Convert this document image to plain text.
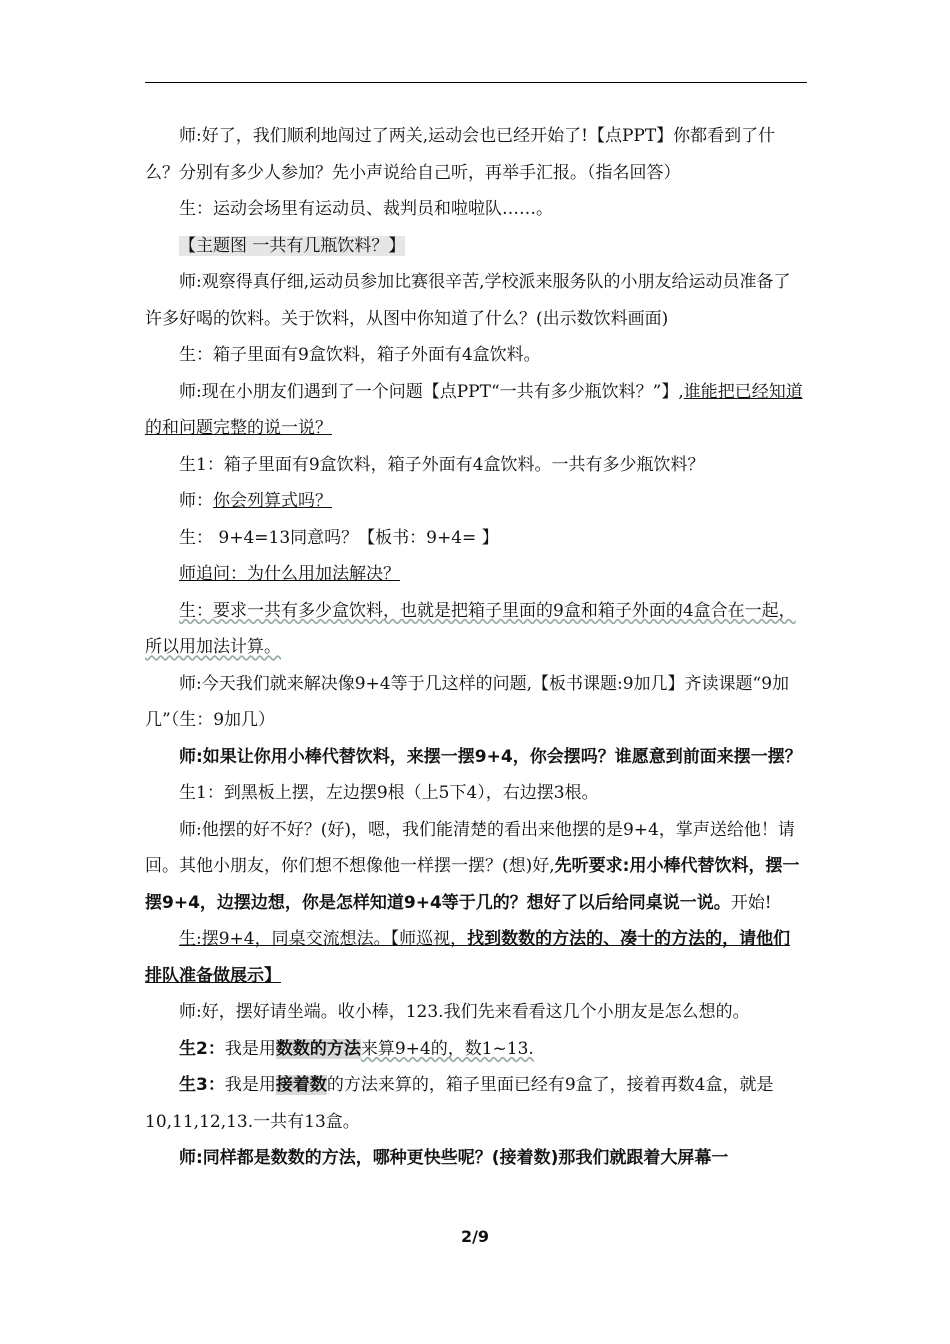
师:好了，我们顺利地闯过了两关,运动会也已经开始了!【点PPT】你都看到了什么？分别有多少人参加？先小声说给自己听，再举手汇报。（指名回答）

生：运动会场里有运动员、裁判员和啦啦队……。

【主题图 一共有几瓶饮料？】

师:观察得真仔细,运动员参加比赛很辛苦,学校派来服务队的小朋友给运动员准备了许多好喝的饮料。关于饮料，从图中你知道了什么？(出示数饮料画面)

生：箱子里面有9盒饮料，箱子外面有4盒饮料。

师:现在小朋友们遇到了一个问题【点PPT“一共有多少瓶饮料？”】,谁能把已经知道的和问题完整的说一说？

生1：箱子里面有9盒饮料，箱子外面有4盒饮料。一共有多少瓶饮料？

师：你会列算式吗？

生： 9+4=13同意吗？【板书：9+4= 】

师追问：为什么用加法解决？

生：要求一共有多少盒饮料，也就是把箱子里面的9盒和箱子外面的4盒合在一起，所以用加法计算。

师:今天我们就来解决像9+4等于几这样的问题,【板书课题:9加几】齐读课题“9加几”（生：9加几）

师:如果让你用小棒代替饮料，来摆一摆9+4，你会摆吗？谁愿意到前面来摆一摆？

生1：到黑板上摆，左边摆9根（上5下4），右边摆3根。

师:他摆的好不好？(好)，嗯，我们能清楚的看出来他摆的是9+4，掌声送给他！请回。其他小朋友，你们想不想像他一样摆一摆？(想)好,先听要求:用小棒代替饮料，摆一摆9+4，边摆边想，你是怎样知道9+4等于几的？想好了以后给同桌说一说。开始!

生:摆9+4，同桌交流想法。【师巡视，找到数数的方法的、凑十的方法的，请他们排队准备做展示】

师:好，摆好请坐端。收小棒，123.我们先来看看这几个小朋友是怎么想的。

生2：我是用数数的方法来算9+4的，数1~13.

生3：我是用接着数的方法来算的，箱子里面已经有9盒了，接着再数4盒，就是10,11,12,13.一共有13盒。

师:同样都是数数的方法，哪种更快些呢？(接着数)那我们就跟着大屏幕一

2/9
